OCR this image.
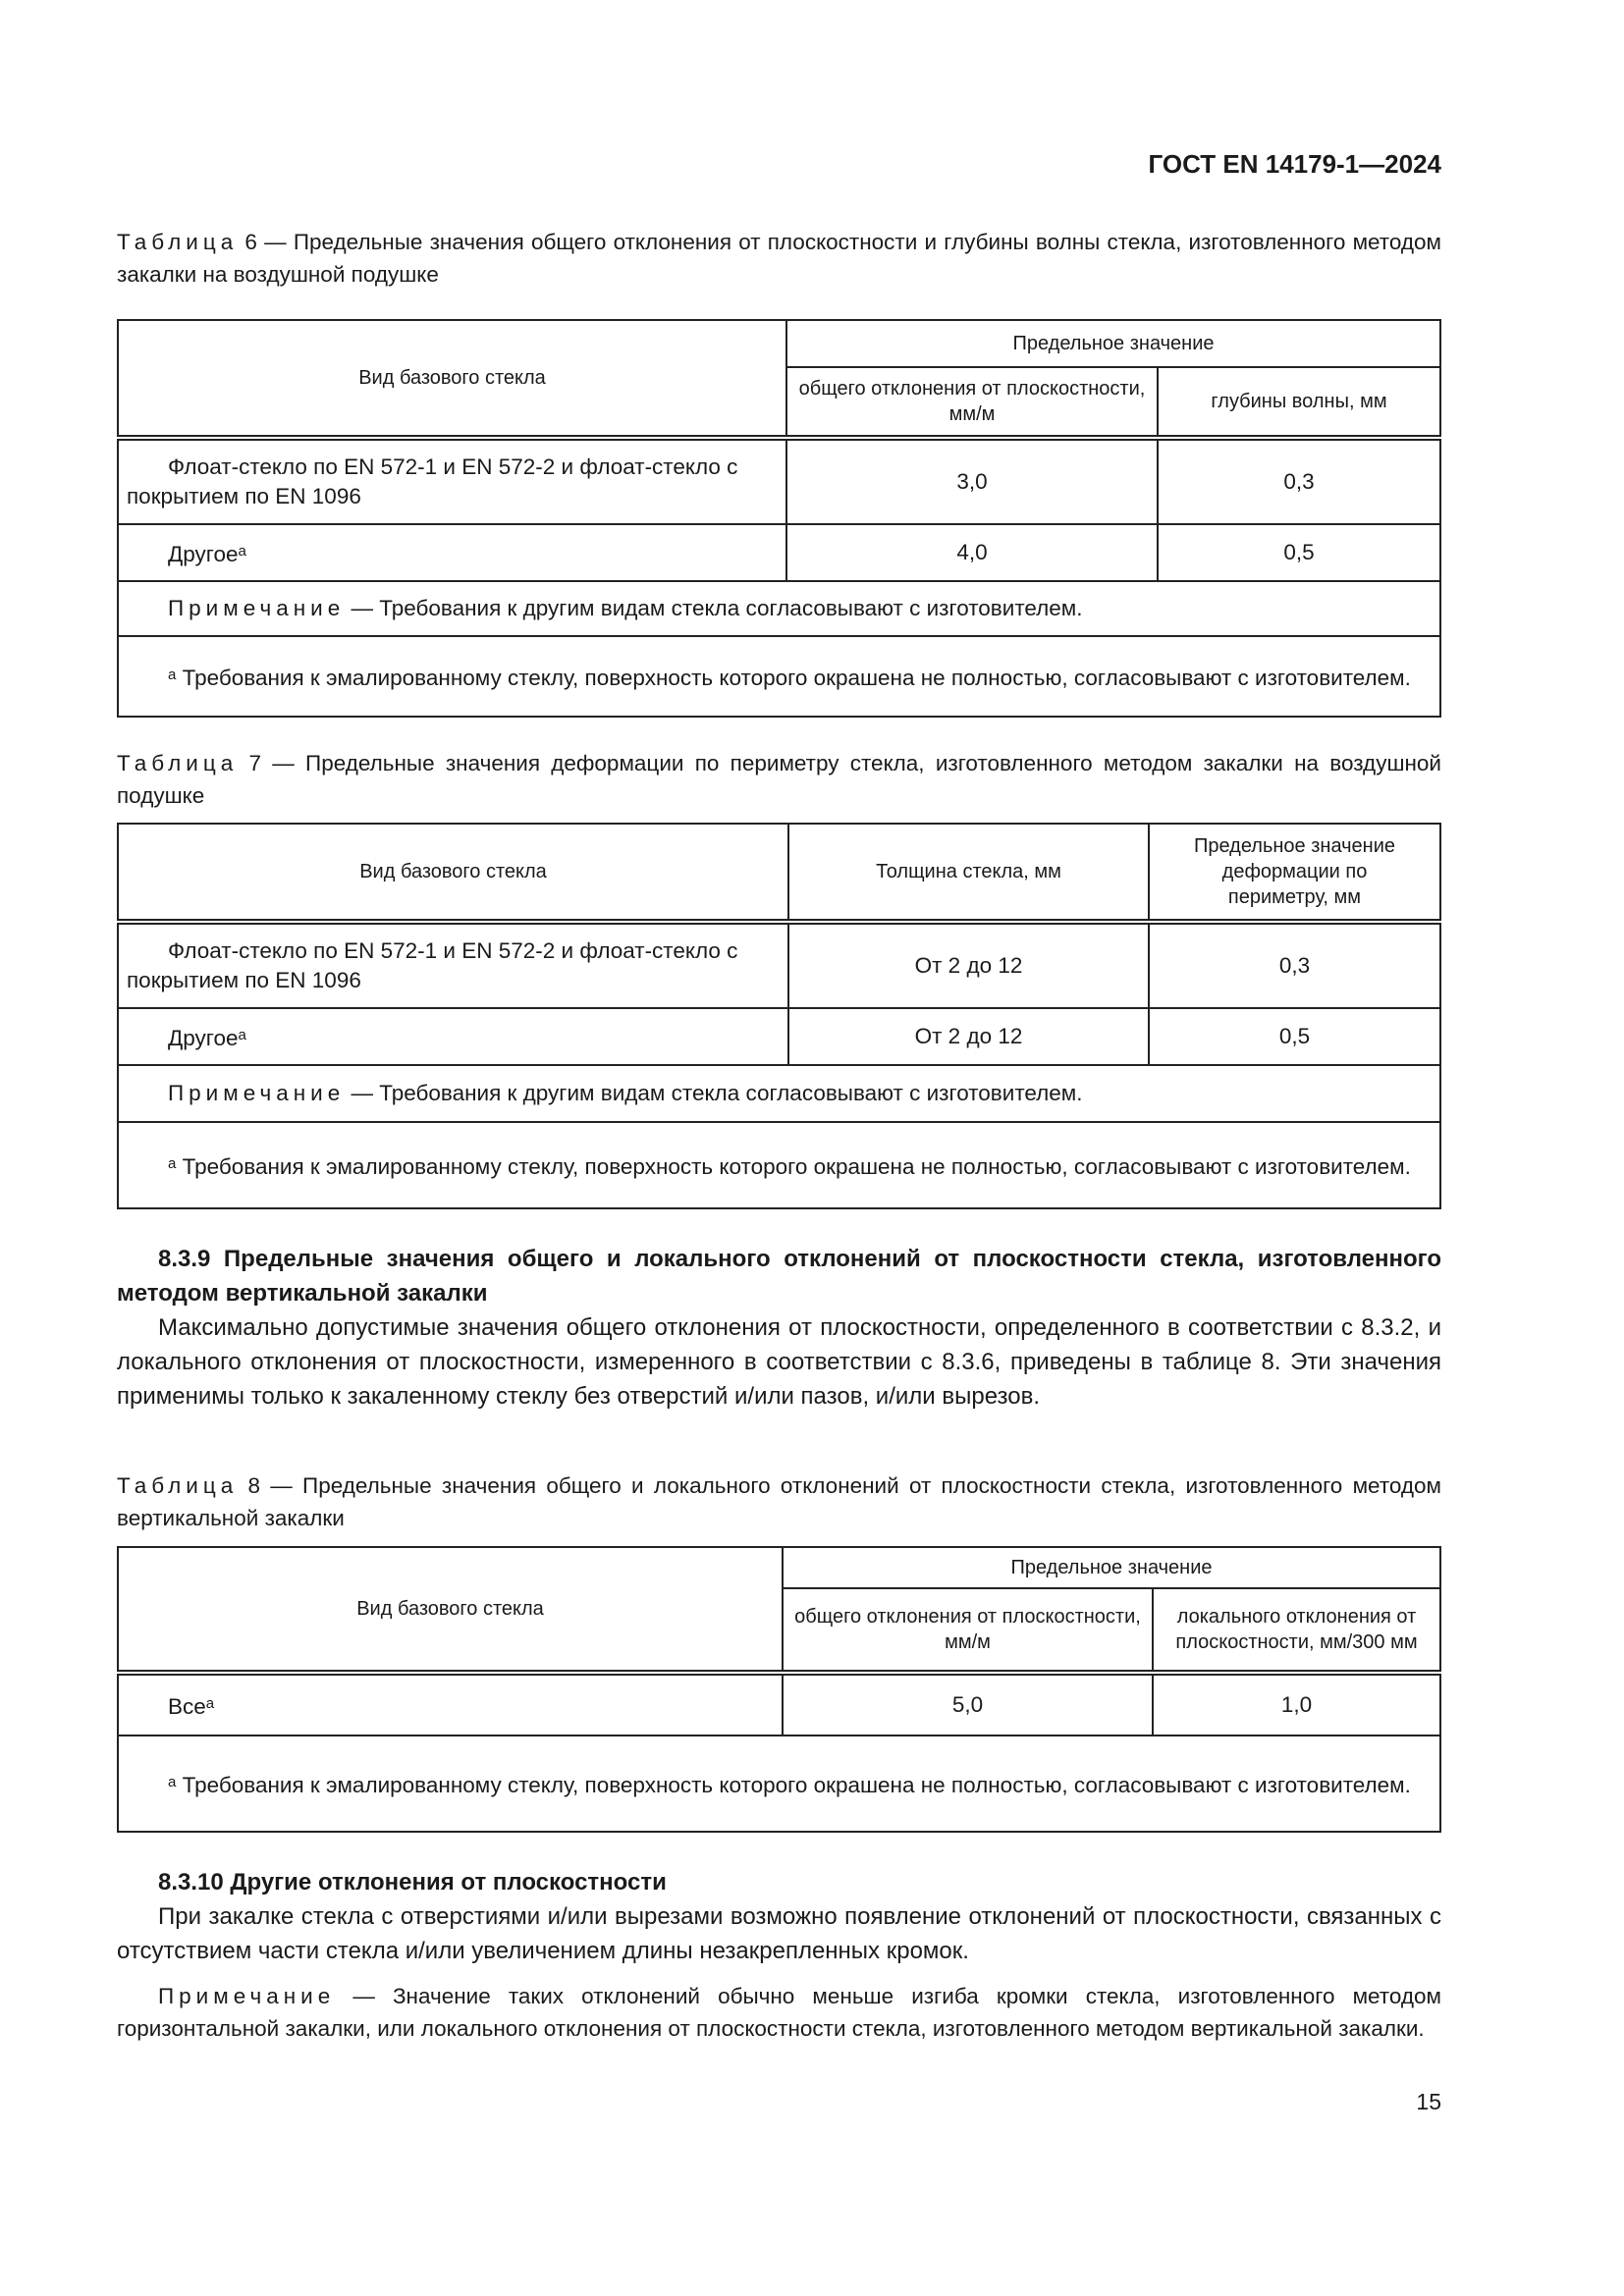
ГОСТ EN 14179-1—2024
Таблица 6 — Предельные значения общего отклонения от плоскостности и глубины волны стекла, изготовленного методом закалки на воздушной подушке
Вид базового стекла	Предельное значение	
	общего отклонения от плоскостности, мм/м	глубины волны, мм
Флоат-стекло по EN 572-1 и EN 572-2 и флоат-стекло с покрытием по EN 1096	3,0	0,3
Другое$^a$	4,0	0,5
Примечание — Требования к другим видам стекла согласовывают с изготовителем.		
$^a$ Требования к эмалированному стеклу, поверхность которого окрашена не полностью, согласовывают с изготовителем.		
Таблица 7 — Предельные значения деформации по периметру стекла, изготовленного методом закалки на воздушной подушке
Вид базового стекла	Толщина стекла, мм	Предельное значение деформации по периметру, мм
Флоат-стекло по EN 572-1 и EN 572-2 и флоат-стекло с покрытием по EN 1096	От 2 до 12	0,3
Другое$^a$	От 2 до 12	0,5
Примечание — Требования к другим видам стекла согласовывают с изготовителем.		
$^a$ Требования к эмалированному стеклу, поверхность которого окрашена не полностью, согласовывают с изготовителем.		
8.3.9 Предельные значения общего и локального отклонений от плоскостности стекла, изготовленного методом вертикальной закалки
Максимально допустимые значения общего отклонения от плоскостности, определенного в соответствии с 8.3.2, и локального отклонения от плоскостности, измеренного в соответствии с 8.3.6, приведены в таблице 8. Эти значения применимы только к закаленному стеклу без отверстий и/или пазов, и/или вырезов.
Таблица 8 — Предельные значения общего и локального отклонений от плоскостности стекла, изготовленного методом вертикальной закалки
Вид базового стекла	Предельное значение	
	общего отклонения от плоскостности, мм/м	локального отклонения от плоскостности, мм/300 мм
Все$^a$	5,0	1,0
$^a$ Требования к эмалированному стеклу, поверхность которого окрашена не полностью, согласовывают с изготовителем.		
8.3.10 Другие отклонения от плоскостности
При закалке стекла с отверстиями и/или вырезами возможно появление отклонений от плоскостности, связанных с отсутствием части стекла и/или увеличением длины незакрепленных кромок.
Примечание — Значение таких отклонений обычно меньше изгиба кромки стекла, изготовленного методом горизонтальной закалки, или локального отклонения от плоскостности стекла, изготовленного методом вертикальной закалки.
15
